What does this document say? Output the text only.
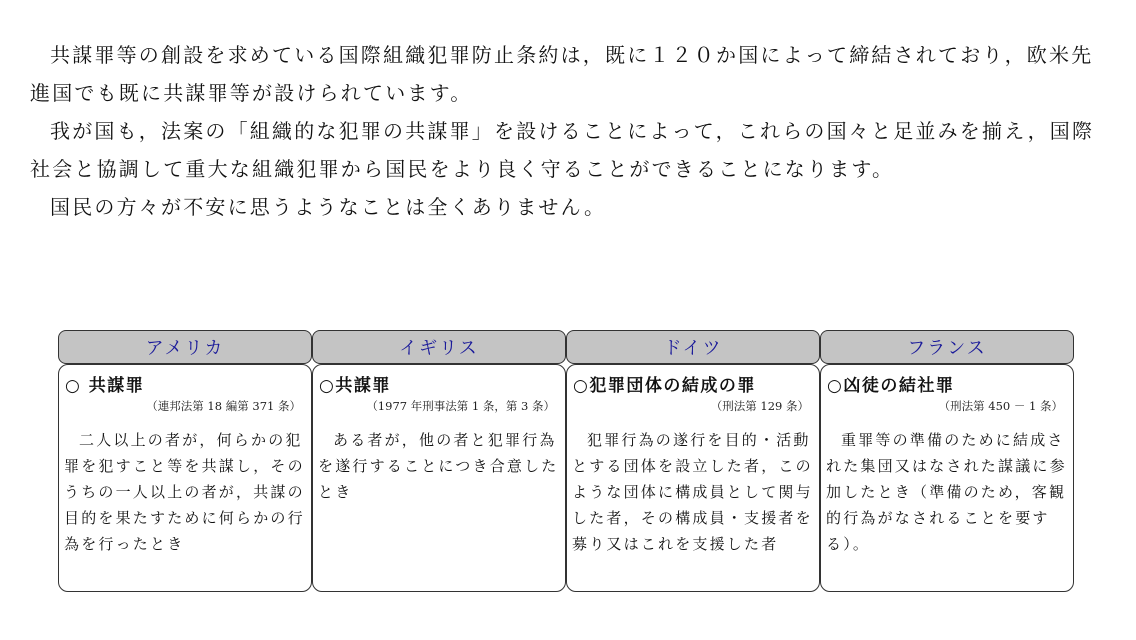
共謀罪等の創設を求めている国際組織犯罪防止条約は，既に１２０か国によって締結されており，欧米先進国でも既に共謀罪等が設けられています。

我が国も，法案の「組織的な犯罪の共謀罪」を設けることによって，これらの国々と足並みを揃え，国際社会と協調して重大な組織犯罪から国民をより良く守ることができることになります。

国民の方々が不安に思うようなことは全くありません。

アメリカ
○ 共謀罪
（連邦法第 18 編第 371 条）
二人以上の者が，何らかの犯罪を犯すこと等を共謀し，そのうちの一人以上の者が，共謀の目的を果たすために何らかの行為を行ったとき
イギリス
○共謀罪
（1977 年刑事法第 1 条，第 3 条）
ある者が，他の者と犯罪行為を遂行することにつき合意したとき
ドイツ
○犯罪団体の結成の罪
（刑法第 129 条）
犯罪行為の遂行を目的・活動とする団体を設立した者，このような団体に構成員として関与した者，その構成員・支援者を募り又はこれを支援した者
フランス
○凶徒の結社罪
（刑法第 450 － 1 条）
重罪等の準備のために結成された集団又はなされた謀議に参加したとき（準備のため，客観的行為がなされることを要する）。
